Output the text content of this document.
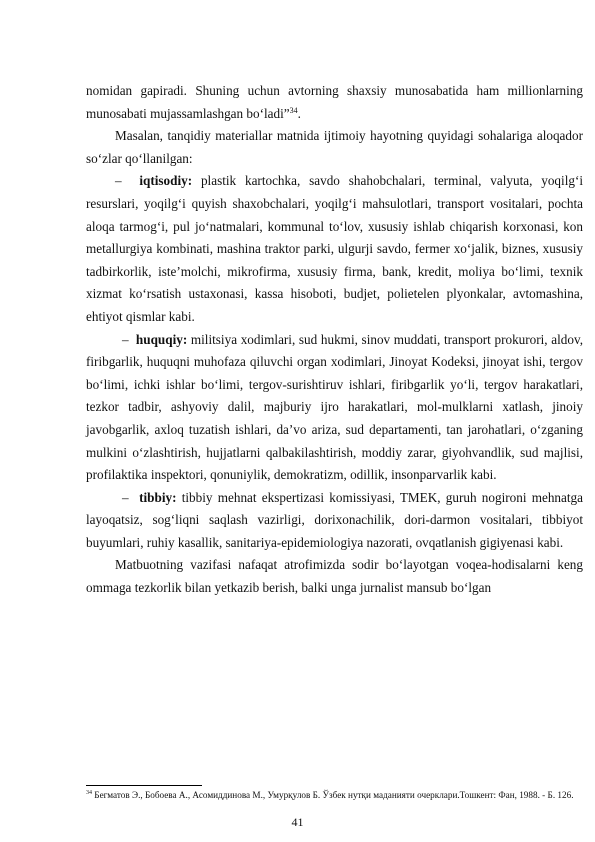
nomidan gapiradi. Shuning uchun avtorning shaxsiy munosabatida ham millionlarning munosabati mujassamlashgan bo‘ladi”$^{34}$.

Masalan, tanqidiy materiallar matnida ijtimoiy hayotning quyidagi sohalariga aloqador so‘zlar qo‘llanilgan:

– iqtisodiy: plastik kartochka, savdo shahobchalari, terminal, valyuta, yoqilg‘i resurslari, yoqilg‘i quyish shaxobchalari, yoqilg‘i mahsulotlari, transport vositalari, pochta aloqa tarmog‘i, pul jo‘natmalari, kommunal to‘lov, xususiy ishlab chiqarish korxonasi, kon metallurgiya kombinati, mashina traktor parki, ulgurji savdo, fermer xo‘jalik, biznes, xususiy tadbirkorlik, iste’molchi, mikrofirma, xususiy firma, bank, kredit, moliya bo‘limi, texnik xizmat ko‘rsatish ustaxonasi, kassa hisoboti, budjet, polietelen plyonkalar, avtomashina, ehtiyot qismlar kabi.

– huquqiy: militsiya xodimlari, sud hukmi, sinov muddati, transport prokurori, aldov, firibgarlik, huquqni muhofaza qiluvchi organ xodimlari, Jinoyat Kodeksi, jinoyat ishi, tergov bo‘limi, ichki ishlar bo‘limi, tergov-surishtiruv ishlari, firibgarlik yo‘li, tergov harakatlari, tezkor tadbir, ashyoviy dalil, majburiy ijro harakatlari, mol-mulklarni xatlash, jinoiy javobgarlik, axloq tuzatish ishlari, da’vo ariza, sud departamenti, tan jarohatlari, o‘zganing mulkini o‘zlashtirish, hujjatlarni qalbakilashtirish, moddiy zarar, giyohvandlik, sud majlisi, profilaktika inspektori, qonuniylik, demokratizm, odillik, insonparvarlik kabi.

– tibbiy: tibbiy mehnat ekspertizasi komissiyasi, TMEK, guruh nogironi mehnatga layoqatsiz, sog‘liqni saqlash vazirligi, dorixonachilik, dori-darmon vositalari, tibbiyot buyumlari, ruhiy kasallik, sanitariya-epidemiologiya nazorati, ovqatlanish gigiyenasi kabi.

Matbuotning vazifasi nafaqat atrofimizda sodir bo‘layotgan voqea-hodisalarni keng ommaga tezkorlik bilan yetkazib berish, balki unga jurnalist mansub bo‘lgan

$^{34}$ Бегматов Э., Бобоева А., Асомиддинова М., Умурқулов Б. Ўзбек нутқи маданияти очерклари.Тошкент: Фан, 1988. - Б. 126.
41
